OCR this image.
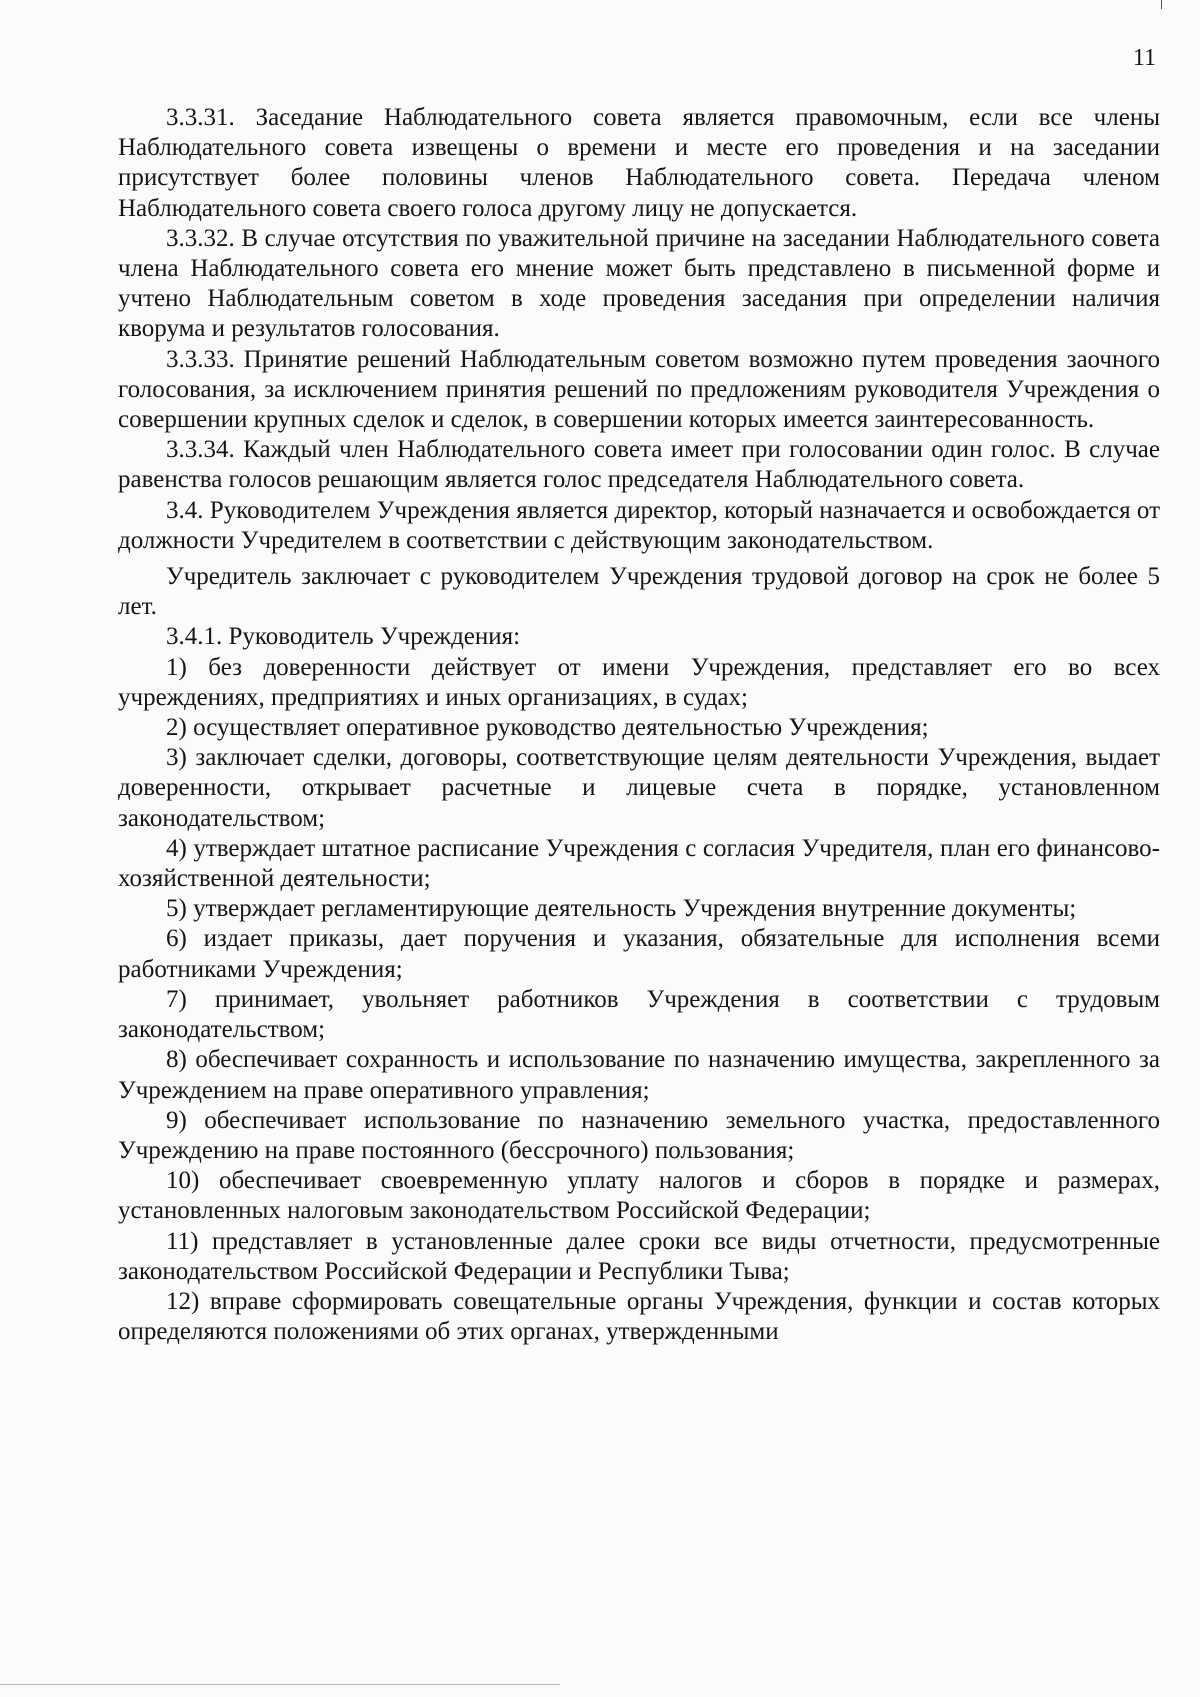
11

3.3.31. Заседание Наблюдательного совета является правомочным, если все члены Наблюдательного совета извещены о времени и месте его проведения и на заседании присутствует более половины членов Наблюдательного совета. Передача членом Наблюдательного совета своего голоса другому лицу не допускается.

3.3.32. В случае отсутствия по уважительной причине на заседании Наблюдательного совета члена Наблюдательного совета его мнение может быть представлено в письменной форме и учтено Наблюдательным советом в ходе проведения заседания при определении наличия кворума и результатов голосования.

3.3.33. Принятие решений Наблюдательным советом возможно путем проведения заочного голосования, за исключением принятия решений по предложениям руководителя Учреждения о совершении крупных сделок и сделок, в совершении которых имеется заинтересованность.

3.3.34. Каждый член Наблюдательного совета имеет при голосовании один голос. В случае равенства голосов решающим является голос председателя Наблюдательного совета.

3.4. Руководителем Учреждения является директор, который назначается и освобождается от должности Учредителем в соответствии с действующим законодательством.

Учредитель заключает с руководителем Учреждения трудовой договор на срок не более 5 лет.

3.4.1. Руководитель Учреждения:

1) без доверенности действует от имени Учреждения, представляет его во всех учреждениях, предприятиях и иных организациях, в судах;

2) осуществляет оперативное руководство деятельностью Учреждения;

3) заключает сделки, договоры, соответствующие целям деятельности Учреждения, выдает доверенности, открывает расчетные и лицевые счета в порядке, установленном законодательством;

4) утверждает штатное расписание Учреждения с согласия Учредителя, план его финансово-хозяйственной деятельности;

5) утверждает регламентирующие деятельность Учреждения внутренние документы;

6) издает приказы, дает поручения и указания, обязательные для исполнения всеми работниками Учреждения;

7) принимает, увольняет работников Учреждения в соответствии с трудовым законодательством;

8) обеспечивает сохранность и использование по назначению имущества, закрепленного за Учреждением на праве оперативного управления;

9) обеспечивает использование по назначению земельного участка, предоставленного Учреждению на праве постоянного (бессрочного) пользования;

10) обеспечивает своевременную уплату налогов и сборов в порядке и размерах, установленных налоговым законодательством Российской Федерации;

11) представляет в установленные далее сроки все виды отчетности, предусмотренные законодательством Российской Федерации и Республики Тыва;

12) вправе сформировать совещательные органы Учреждения, функции и состав которых определяются положениями об этих органах, утвержденными
